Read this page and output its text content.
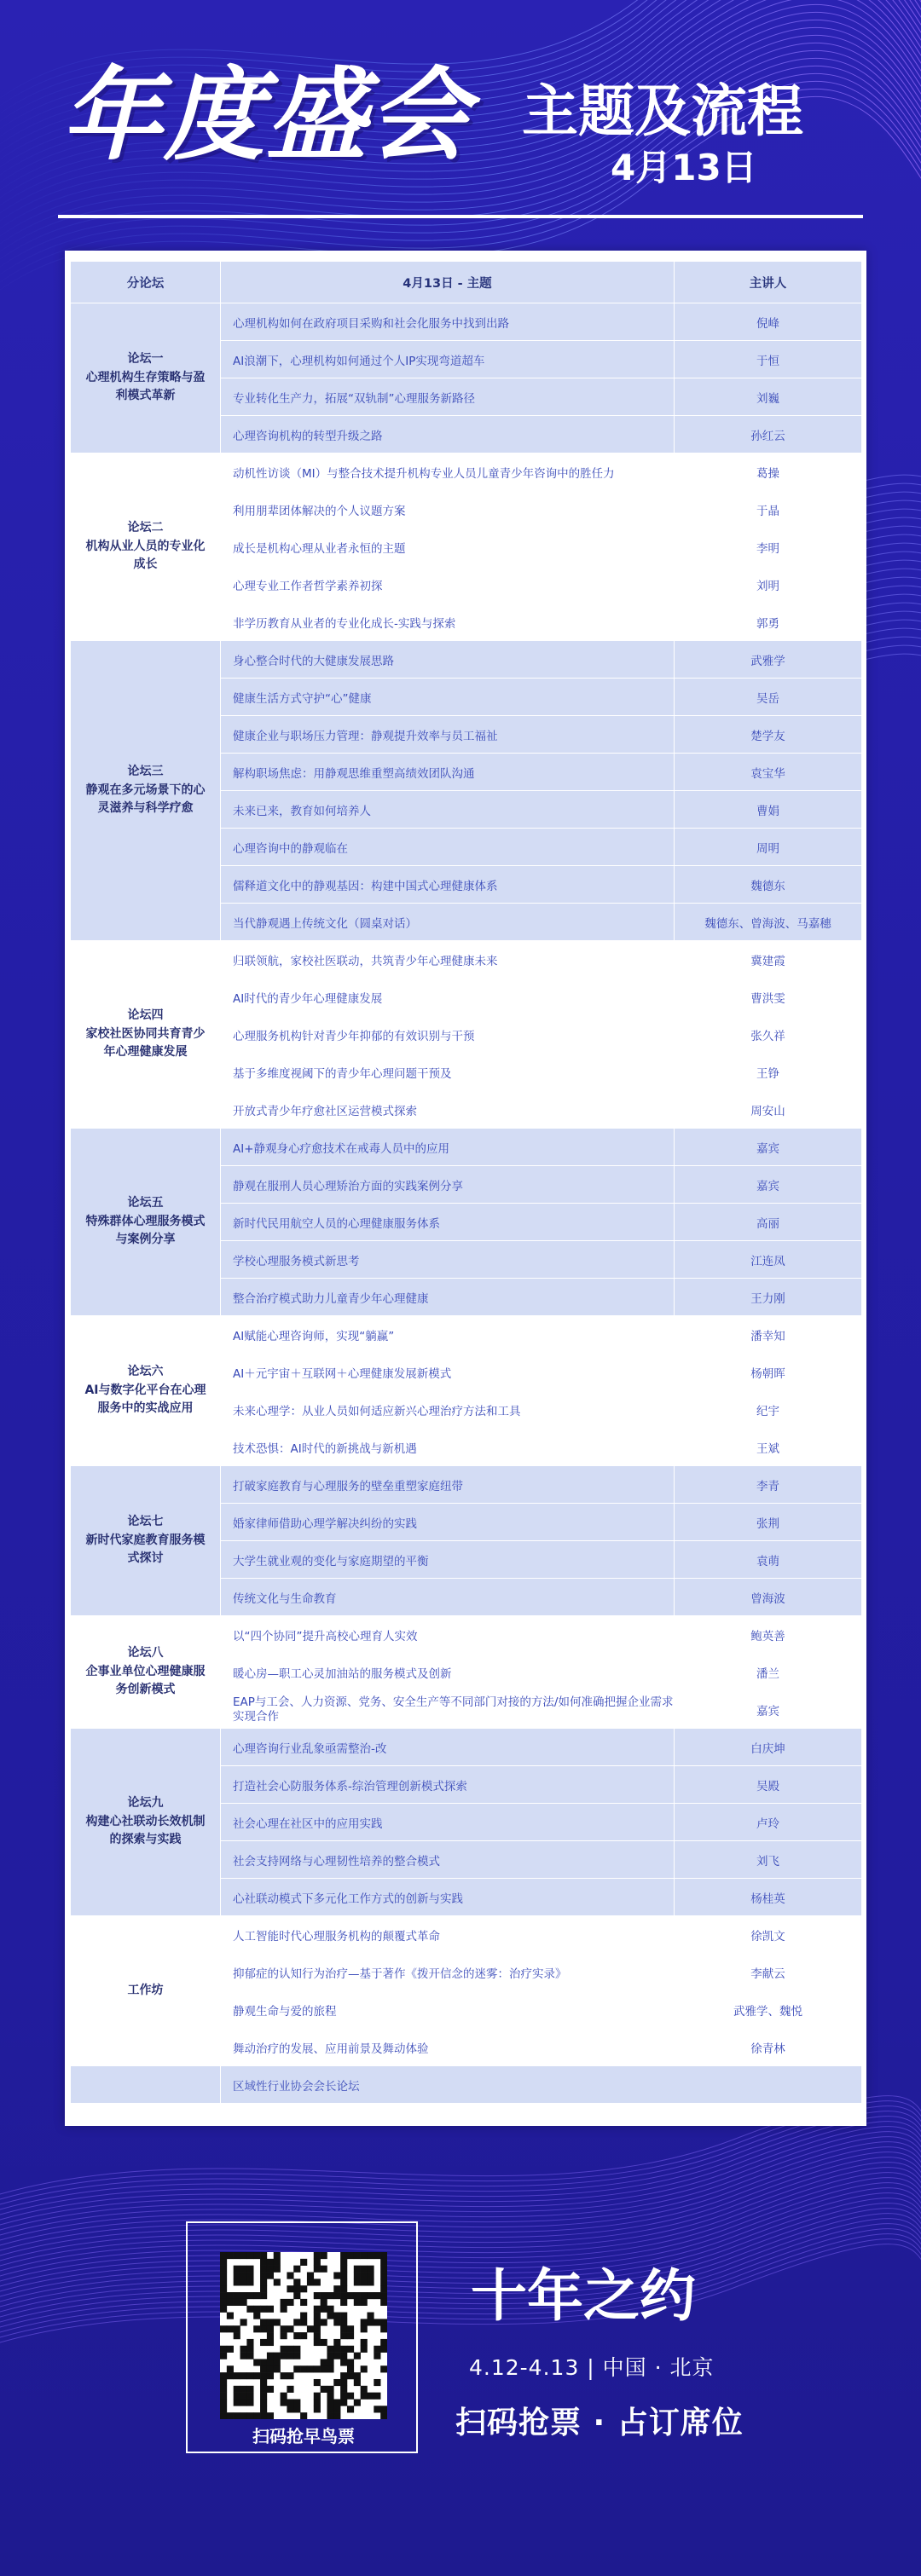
年度盛会 主题及流程
4月13日
分论坛	4月13日 - 主题	主讲人
论坛一
心理机构生存策略与盈利模式革新	心理机构如何在政府项目采购和社会化服务中找到出路	倪峰
	AI浪潮下，心理机构如何通过个人IP实现弯道超车	于恒
	专业转化生产力，拓展“双轨制”心理服务新路径	刘巍
	心理咨询机构的转型升级之路	孙红云
论坛二
机构从业人员的专业化成长	动机性访谈（MI）与整合技术提升机构专业人员儿童青少年咨询中的胜任力	葛操
	利用朋辈团体解决的个人议题方案	于晶
	成长是机构心理从业者永恒的主题	李明
	心理专业工作者哲学素养初探	刘明
	非学历教育从业者的专业化成长-实践与探索	郭勇
论坛三
静观在多元场景下的心灵滋养与科学疗愈	身心整合时代的大健康发展思路	武雅学
	健康生活方式守护“心”健康	吴岳
	健康企业与职场压力管理：静观提升效率与员工福祉	楚学友
	解构职场焦虑：用静观思维重塑高绩效团队沟通	袁宝华
	未来已来，教育如何培养人	曹娟
	心理咨询中的静观临在	周明
	儒释道文化中的静观基因：构建中国式心理健康体系	魏德东
	当代静观遇上传统文化（圆桌对话）	魏德东、曾海波、马嘉穗
论坛四
家校社医协同共育青少年心理健康发展	归联领航，家校社医联动，共筑青少年心理健康未来	冀建霞
	AI时代的青少年心理健康发展	曹洪雯
	心理服务机构针对青少年抑郁的有效识别与干预	张久祥
	基于多维度视阈下的青少年心理问题干预及	王铮
	开放式青少年疗愈社区运营模式探索	周安山
论坛五
特殊群体心理服务模式与案例分享	AI+静观身心疗愈技术在戒毒人员中的应用	嘉宾
	静观在服刑人员心理矫治方面的实践案例分享	嘉宾
	新时代民用航空人员的心理健康服务体系	高丽
	学校心理服务模式新思考	江连凤
	整合治疗模式助力儿童青少年心理健康	王力刚
论坛六
AI与数字化平台在心理服务中的实战应用	AI赋能心理咨询师，实现“躺赢”	潘幸知
	AI＋元宇宙＋互联网＋心理健康发展新模式	杨朝晖
	未来心理学：从业人员如何适应新兴心理治疗方法和工具	纪宇
	技术恐惧：AI时代的新挑战与新机遇	王斌
论坛七
新时代家庭教育服务模式探讨	打破家庭教育与心理服务的壁垒重塑家庭纽带	李青
	婚家律师借助心理学解决纠纷的实践	张荆
	大学生就业观的变化与家庭期望的平衡	袁萌
	传统文化与生命教育	曾海波
论坛八
企事业单位心理健康服务创新模式	以“四个协同”提升高校心理育人实效	鲍英善
	暖心房—职工心灵加油站的服务模式及创新	潘兰
	EAP与工会、人力资源、党务、安全生产等不同部门对接的方法/如何准确把握企业需求实现合作	嘉宾
论坛九
构建心社联动长效机制的探索与实践	心理咨询行业乱象亟需整治-改	白庆坤
	打造社会心防服务体系-综治管理创新模式探索	吴殿
	社会心理在社区中的应用实践	卢玲
	社会支持网络与心理韧性培养的整合模式	刘飞
	心社联动模式下多元化工作方式的创新与实践	杨桂英
工作坊	人工智能时代心理服务机构的颠覆式革命	徐凯文
	抑郁症的认知行为治疗—基于著作《拨开信念的迷雾：治疗实录》	李献云
	静观生命与爱的旅程	武雅学、魏悦
	舞动治疗的发展、应用前景及舞动体验	徐青林
	区域性行业协会会长论坛	
扫码抢早鸟票
十年之约
4.12-4.13 | 中国 · 北京
扫码抢票 · 占订席位
